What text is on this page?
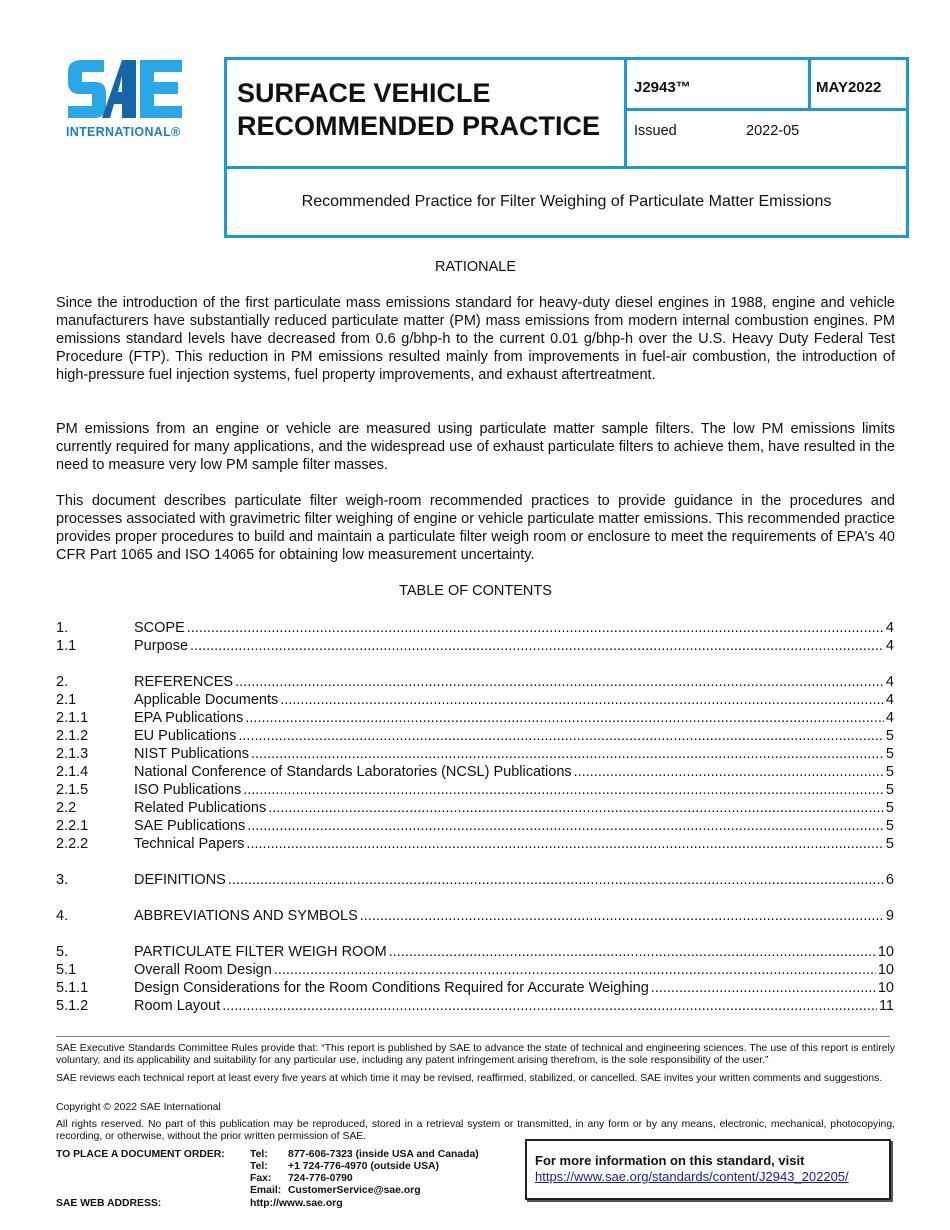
INTERNATIONAL®
SURFACE VEHICLE
RECOMMENDED PRACTICE
J2943™	MAY2022
Issued	2022-05
Recommended Practice for Filter Weighing of Particulate Matter Emissions
RATIONALE
Since the introduction of the first particulate mass emissions standard for heavy-duty diesel engines in 1988, engine and vehicle manufacturers have substantially reduced particulate matter (PM) mass emissions from modern internal combustion engines. PM emissions standard levels have decreased from 0.6 g/bhp-h to the current 0.01 g/bhp-h over the U.S. Heavy Duty Federal Test Procedure (FTP). This reduction in PM emissions resulted mainly from improvements in fuel-air combustion, the introduction of high-pressure fuel injection systems, fuel property improvements, and exhaust aftertreatment.
PM emissions from an engine or vehicle are measured using particulate matter sample filters. The low PM emissions limits currently required for many applications, and the widespread use of exhaust particulate filters to achieve them, have resulted in the need to measure very low PM sample filter masses.
This document describes particulate filter weigh-room recommended practices to provide guidance in the procedures and processes associated with gravimetric filter weighing of engine or vehicle particulate matter emissions. This recommended practice provides proper procedures to build and maintain a particulate filter weigh room or enclosure to meet the requirements of EPA's 40 CFR Part 1065 and ISO 14065 for obtaining low measurement uncertainty.
TABLE OF CONTENTS
1.	SCOPE .....	4
1.1	Purpose .....	4
2.	REFERENCES .....	4
2.1	Applicable Documents .....	4
2.1.1	EPA Publications .....	4
2.1.2	EU Publications .....	5
2.1.3	NIST Publications .....	5
2.1.4	National Conference of Standards Laboratories (NCSL) Publications .....	5
2.1.5	ISO Publications .....	5
2.2	Related Publications .....	5
2.2.1	SAE Publications .....	5
2.2.2	Technical Papers .....	5
3.	DEFINITIONS .....	6
4.	ABBREVIATIONS AND SYMBOLS .....	9
5.	PARTICULATE FILTER WEIGH ROOM .....	10
5.1	Overall Room Design .....	10
5.1.1	Design Considerations for the Room Conditions Required for Accurate Weighing .....	10
5.1.2	Room Layout .....	11
SAE Executive Standards Committee Rules provide that: “This report is published by SAE to advance the state of technical and engineering sciences. The use of this report is entirely voluntary, and its applicability and suitability for any particular use, including any patent infringement arising therefrom, is the sole responsibility of the user.”
SAE reviews each technical report at least every five years at which time it may be revised, reaffirmed, stabilized, or cancelled. SAE invites your written comments and suggestions.
Copyright © 2022 SAE International
All rights reserved. No part of this publication may be reproduced, stored in a retrieval system or transmitted, in any form or by any means, electronic, mechanical, photocopying, recording, or otherwise, without the prior written permission of SAE.
TO PLACE A DOCUMENT ORDER: Tel: 877-606-7323 (inside USA and Canada)
Tel: +1 724-776-4970 (outside USA)
Fax: 724-776-0790
Email: CustomerService@sae.org
SAE WEB ADDRESS:	http://www.sae.org
For more information on this standard, visit
https://www.sae.org/standards/content/J2943_202205/
